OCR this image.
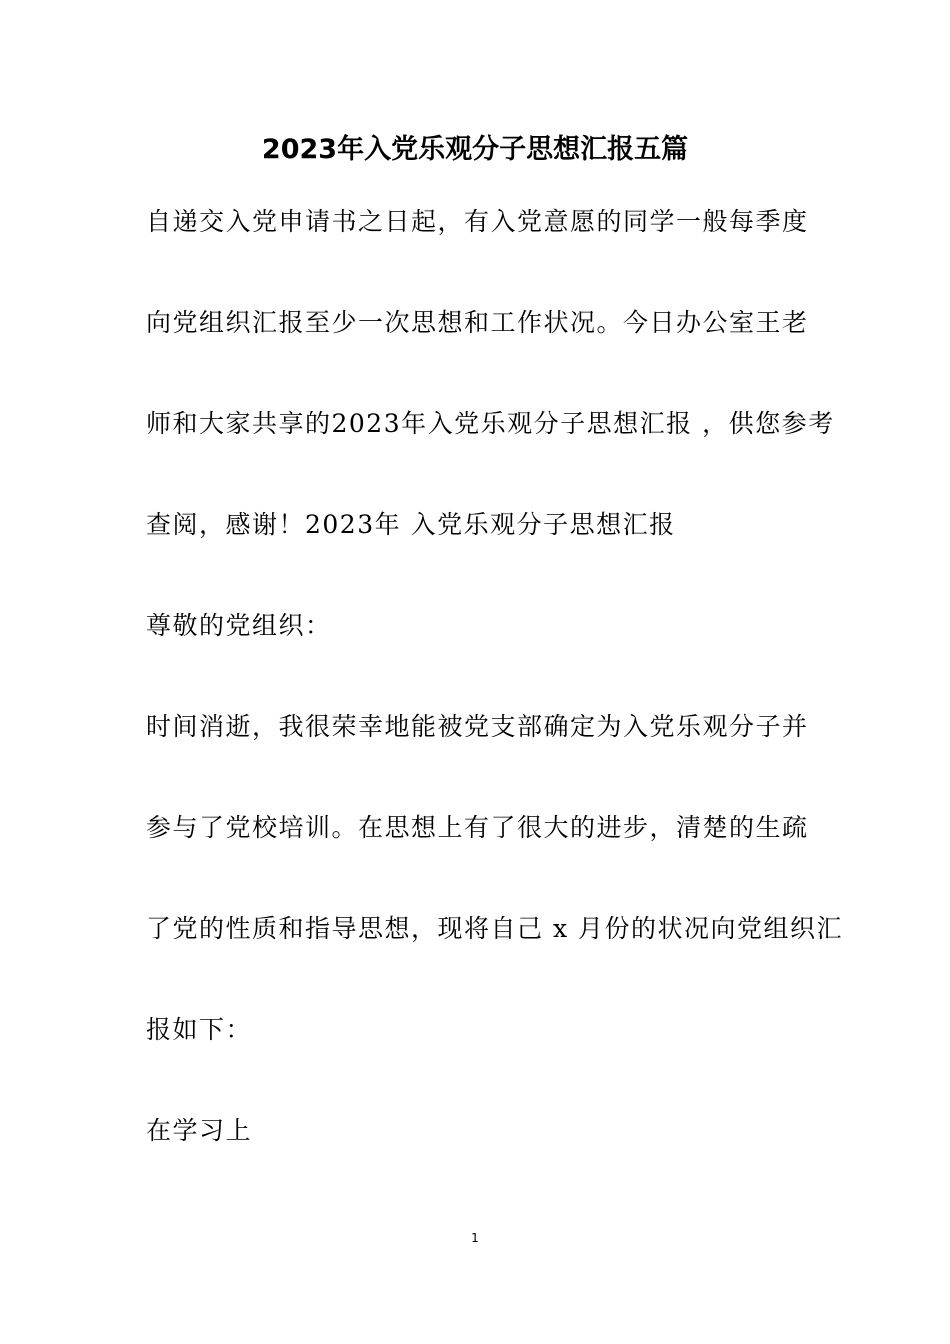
2023年入党乐观分子思想汇报五篇

自递交入党申请书之日起，有入党意愿的同学一般每季度

向党组织汇报至少一次思想和工作状况。今日办公室王老

师和大家共享的2023年入党乐观分子思想汇报 ，供您参考

查阅，感谢！2023年 入党乐观分子思想汇报

尊敬的党组织：

时间消逝，我很荣幸地能被党支部确定为入党乐观分子并

参与了党校培训。在思想上有了很大的进步，清楚的生疏

了党的性质和指导思想，现将自己 x 月份的状况向党组织汇

报如下：

在学习上

1
